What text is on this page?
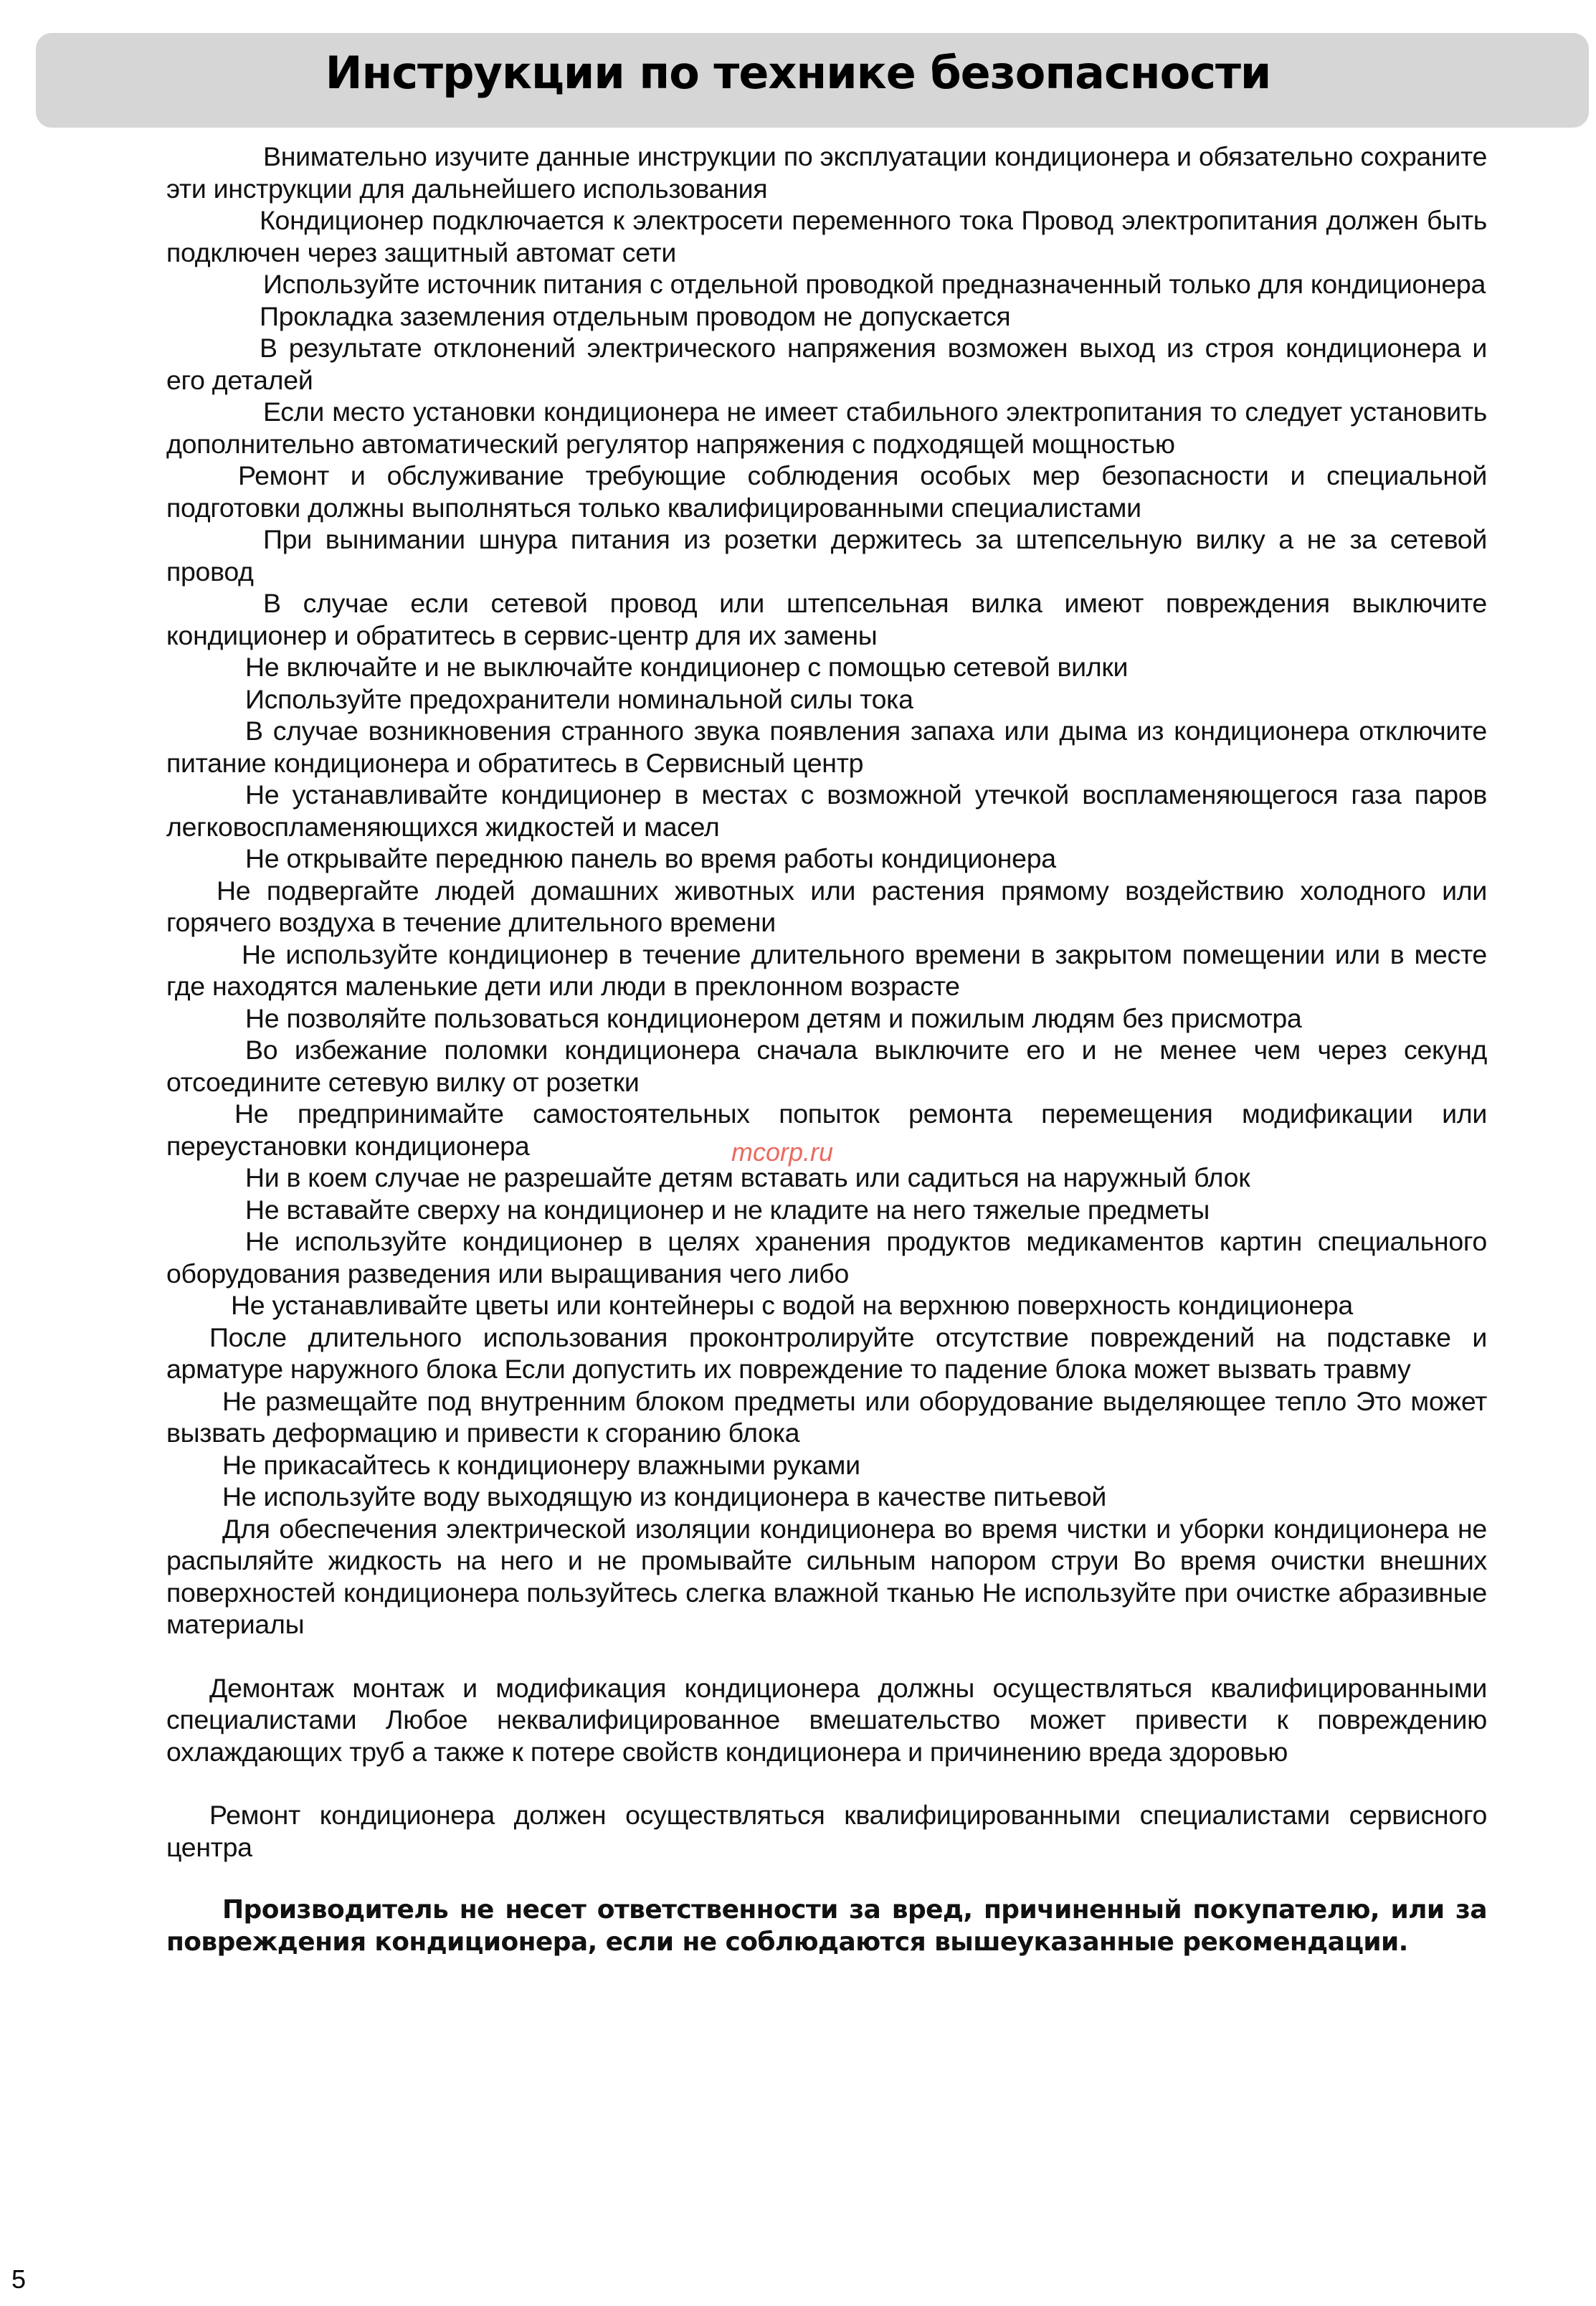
Инструкции по технике безопасности

Внимательно изучите данные инструкции по эксплуатации кондиционера и обязательно сохраните эти инструкции для дальнейшего использования

Кондиционер подключается к электросети переменного тока Провод электропитания должен быть подключен через защитный автомат сети

Используйте источник питания с отдельной проводкой предназначенный только для кондиционера

Прокладка заземления отдельным проводом не допускается

В результате отклонений электрического напряжения возможен выход из строя кондиционера и его деталей

Если место установки кондиционера не имеет стабильного электропитания то следует установить дополнительно автоматический регулятор напряжения с подходящей мощностью

Ремонт и обслуживание требующие соблюдения особых мер безопасности и специальной подготовки должны выполняться только квалифицированными специалистами

При вынимании шнура питания из розетки держитесь за штепсельную вилку а не за сетевой провод

В случае если сетевой провод или штепсельная вилка имеют повреждения выключите кондиционер и обратитесь в сервис-центр для их замены

Не включайте и не выключайте кондиционер с помощью сетевой вилки

Используйте предохранители номинальной силы тока

В случае возникновения странного звука появления запаха или дыма из кондиционера отключите питание кондиционера и обратитесь в Сервисный центр

Не устанавливайте кондиционер в местах с возможной утечкой воспламеняющегося газа паров легковоспламеняющихся жидкостей и масел

Не открывайте переднюю панель во время работы кондиционера

Не подвергайте людей домашних животных или растения прямому воздействию холодного или горячего воздуха в течение длительного времени

Не используйте кондиционер в течение длительного времени в закрытом помещении или в месте где находятся маленькие дети или люди в преклонном возрасте

Не позволяйте пользоваться кондиционером детям и пожилым людям без присмотра

Во избежание поломки кондиционера сначала выключите его и не менее чем через секунд отсоедините сетевую вилку от розетки

Не предпринимайте самостоятельных попыток ремонта перемещения модификации или переустановки кондиционера

Ни в коем случае не разрешайте детям вставать или садиться на наружный блок

Не вставайте сверху на кондиционер и не кладите на него тяжелые предметы

Не используйте кондиционер в целях хранения продуктов медикаментов картин специального оборудования разведения или выращивания чего либо

Не устанавливайте цветы или контейнеры с водой на верхнюю поверхность кондиционера

После длительного использования проконтролируйте отсутствие повреждений на подставке и арматуре наружного блока Если допустить их повреждение то падение блока может вызвать травму

Не размещайте под внутренним блоком предметы или оборудование выделяющее тепло Это может вызвать деформацию и привести к сгоранию блока

Не прикасайтесь к кондиционеру влажными руками

Не используйте воду выходящую из кондиционера в качестве питьевой

Для обеспечения электрической изоляции кондиционера во время чистки и уборки кондиционера не распыляйте жидкость на него и не промывайте сильным напором струи Во время очистки внешних поверхностей кондиционера пользуйтесь слегка влажной тканью Не используйте при очистке абразивные материалы

Демонтаж монтаж и модификация кондиционера должны осуществляться квалифицированными специалистами Любое неквалифицированное вмешательство может привести к повреждению охлаждающих труб а также к потере свойств кондиционера и причинению вреда здоровью

Ремонт кондиционера должен осуществляться квалифицированными специалистами сервисного центра

Производитель не несет ответственности за вред, причиненный покупателю, или за повреждения кондиционера, если не соблюдаются вышеуказанные рекомендации.

mcorp.ru
5
